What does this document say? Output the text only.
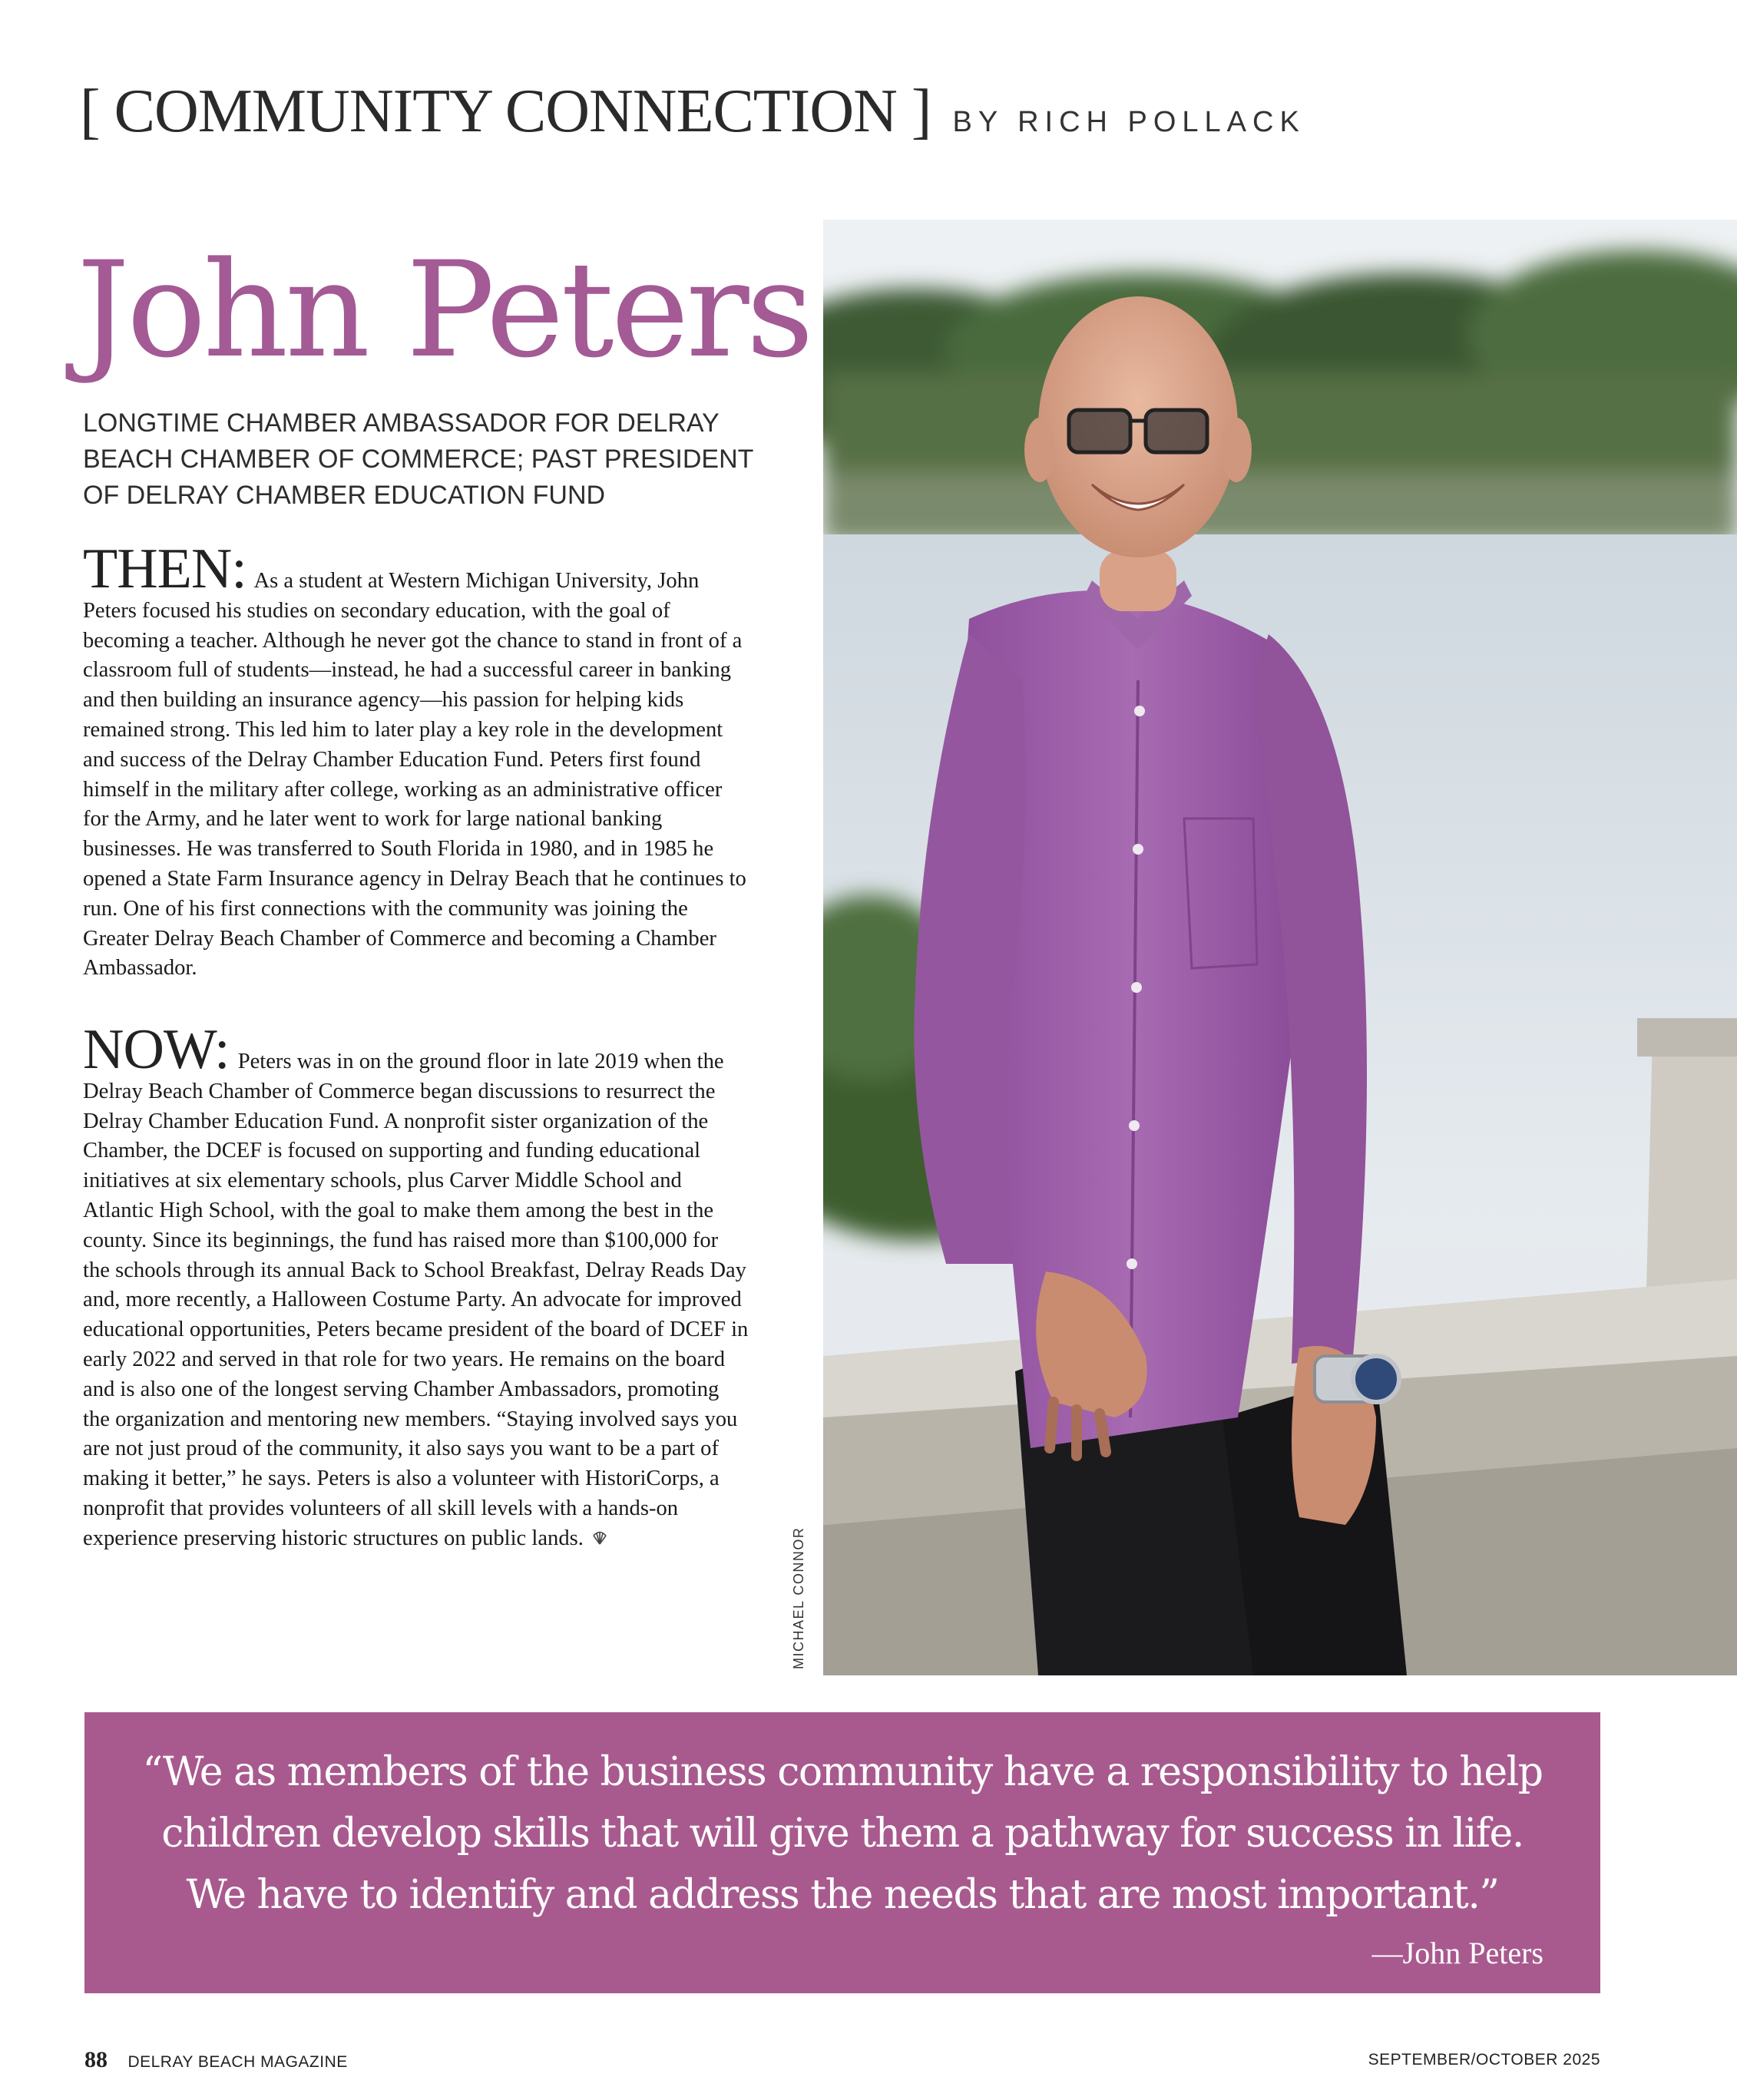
[ COMMUNITY CONNECTION ] BY RICH POLLACK
John Peters

LONGTIME CHAMBER AMBASSADOR FOR DELRAY BEACH CHAMBER OF COMMERCE; PAST PRESIDENT OF DELRAY CHAMBER EDUCATION FUND

THEN: As a student at Western Michigan University, John Peters focused his studies on secondary education, with the goal of becoming a teacher. Although he never got the chance to stand in front of a classroom full of students—instead, he had a successful career in banking and then building an insurance agency—his passion for helping kids remained strong. This led him to later play a key role in the development and success of the Delray Chamber Education Fund. Peters first found himself in the military after college, working as an administrative officer for the Army, and he later went to work for large national banking businesses. He was transferred to South Florida in 1980, and in 1985 he opened a State Farm Insurance agency in Delray Beach that he continues to run. One of his first connections with the community was joining the Greater Delray Beach Chamber of Commerce and becoming a Chamber Ambassador.

NOW: Peters was in on the ground floor in late 2019 when the Delray Beach Chamber of Commerce began discussions to resurrect the Delray Chamber Education Fund. A nonprofit sister organization of the Chamber, the DCEF is focused on supporting and funding educational initiatives at six elementary schools, plus Carver Middle School and Atlantic High School, with the goal to make them among the best in the county. Since its beginnings, the fund has raised more than $100,000 for the schools through its annual Back to School Breakfast, Delray Reads Day and, more recently, a Halloween Costume Party. An advocate for improved educational opportunities, Peters became president of the board of DCEF in early 2022 and served in that role for two years. He remains on the board and is also one of the longest serving Chamber Ambassadors, promoting the organization and mentoring new members. “Staying involved says you are not just proud of the community, it also says you want to be a part of making it better,” he says. Peters is also a volunteer with HistoriCorps, a nonprofit that provides volunteers of all skill levels with a hands-on experience preserving historic structures on public lands.	MICHAEL CONNOR

“We as members of the business community have a responsibility to help children develop skills that will give them a pathway for success in life. We have to identify and address the needs that are most important.”

—John Peters

88 DELRAY BEACH MAGAZINE	SEPTEMBER/OCTOBER 2025
